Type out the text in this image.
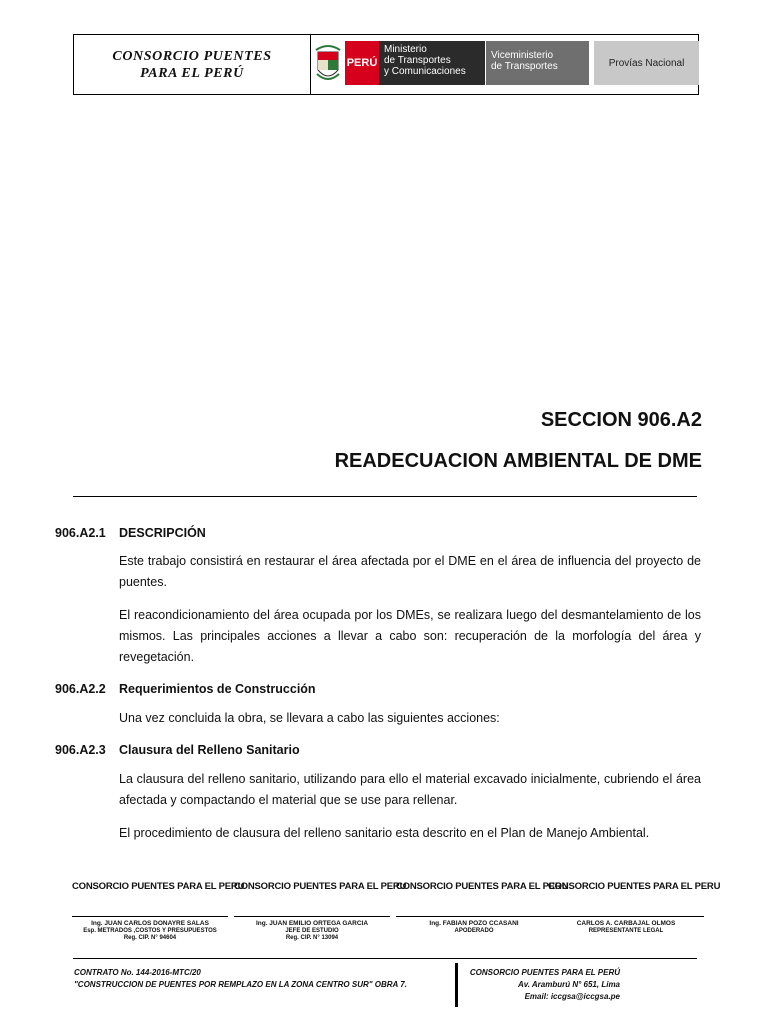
CONSORCIO PUENTES
PARA EL PERÚ
PERÚ
Ministerio
de Transportes
y Comunicaciones
Viceministerio
de Transportes	Provías Nacional
SECCION 906.A2
READECUACION AMBIENTAL DE DME
906.A2.1 DESCRIPCIÓN
Este trabajo consistirá en restaurar el área afectada por el DME en el área de influencia del proyecto de puentes.
El reacondicionamiento del área ocupada por los DMEs, se realizara luego del desmantelamiento de los mismos. Las principales acciones a llevar a cabo son: recuperación de la morfología del área y revegetación.
906.A2.2 Requerimientos de Construcción
Una vez concluida la obra, se llevara a cabo las siguientes acciones:
906.A2.3 Clausura del Relleno Sanitario
La clausura del relleno sanitario, utilizando para ello el material excavado inicialmente, cubriendo el área afectada y compactando el material que se use para rellenar.
El procedimiento de clausura del relleno sanitario esta descrito en el Plan de Manejo Ambiental.
CONSORCIO PUENTES PARA EL PERU
Ing. JUAN CARLOS DONAYRE SALAS
Esp. METRADOS ,COSTOS Y PRESUPUESTOS
Reg. CIP. N° 94604
CONSORCIO PUENTES PARA EL PERU
Ing. JUAN EMILIO ORTEGA GARCIA
JEFE DE ESTUDIO
Reg. CIP. N° 13094
CONSORCIO PUENTES PARA EL PERU
Ing. FABIAN POZO CCASANI
APODERADO
CONSORCIO PUENTES PARA EL PERU
CARLOS A. CARBAJAL OLMOS
REPRESENTANTE LEGAL
CONTRATO No. 144-2016-MTC/20
"CONSTRUCCION DE PUENTES POR REMPLAZO EN LA ZONA CENTRO SUR" OBRA 7.
CONSORCIO PUENTES PARA EL PERÚ
Av. Aramburú N° 651, Lima
Email: iccgsa@iccgsa.pe
